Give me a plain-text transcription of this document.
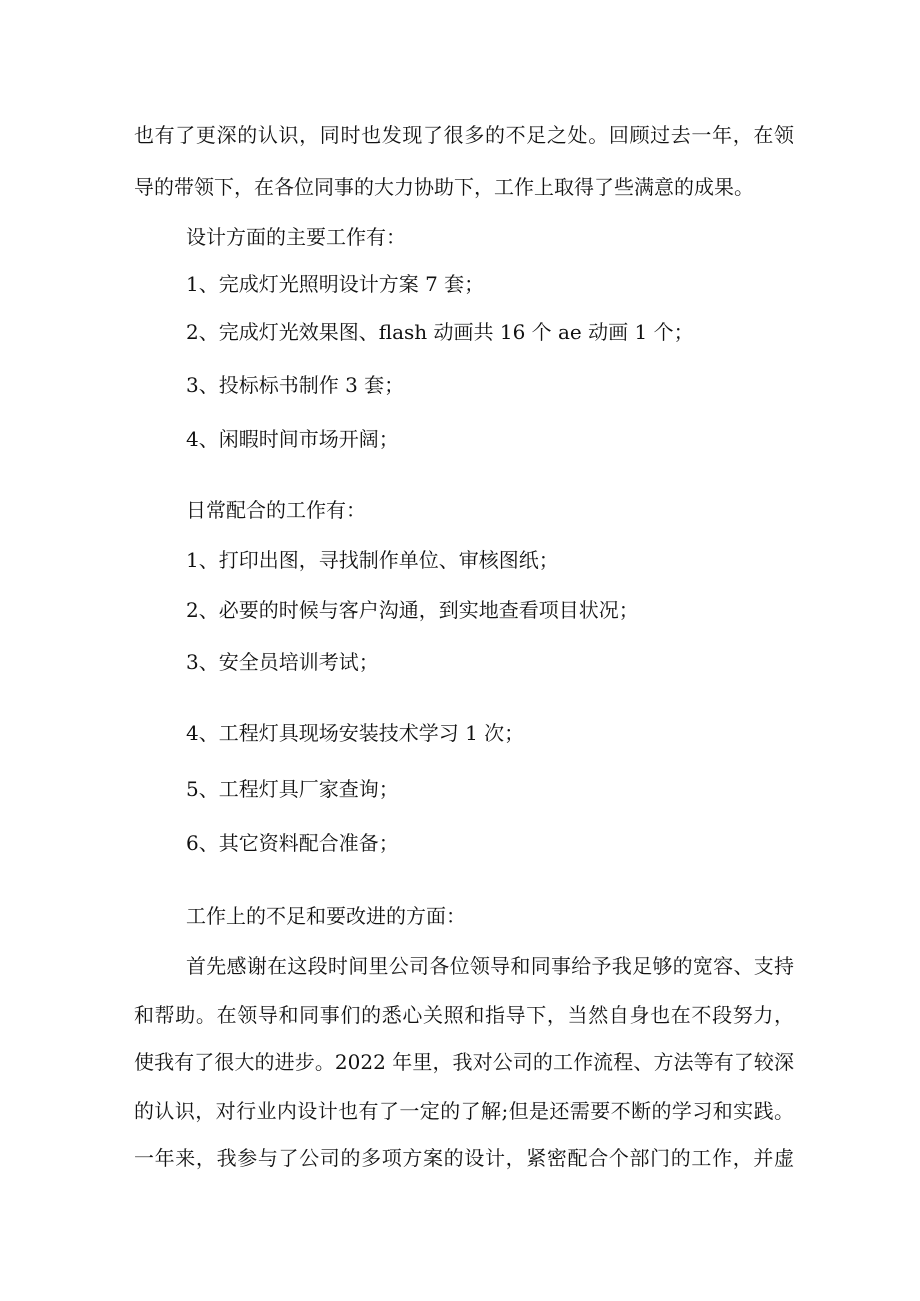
也有了更深的认识，同时也发现了很多的不足之处。回顾过去一年，在领

导的带领下，在各位同事的大力协助下，工作上取得了些满意的成果。

设计方面的主要工作有：

1、完成灯光照明设计方案 7 套；

2、完成灯光效果图、flash 动画共 16 个 ae 动画 1 个；

3、投标标书制作 3 套；

4、闲暇时间市场开阔；

日常配合的工作有：

1、打印出图，寻找制作单位、审核图纸；

2、必要的时候与客户沟通，到实地查看项目状况；

3、安全员培训考试；

4、工程灯具现场安装技术学习 1 次；

5、工程灯具厂家查询；

6、其它资料配合准备；

工作上的不足和要改进的方面：

首先感谢在这段时间里公司各位领导和同事给予我足够的宽容、支持

和帮助。在领导和同事们的悉心关照和指导下，当然自身也在不段努力，

使我有了很大的进步。2022 年里，我对公司的工作流程、方法等有了较深

的认识，对行业内设计也有了一定的了解;但是还需要不断的学习和实践。

一年来，我参与了公司的多项方案的设计，紧密配合个部门的工作，并虚
